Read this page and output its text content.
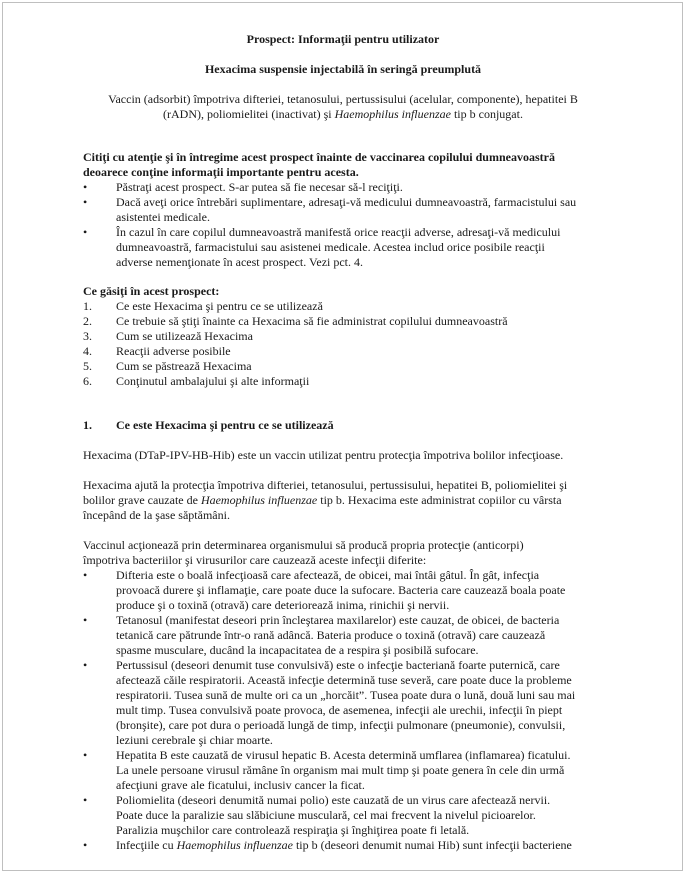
Prospect: Informaţii pentru utilizator
Hexacima suspensie injectabilă în seringă preumplută
Vaccin (adsorbit) împotriva difteriei, tetanosului, pertussisului (acelular, componente), hepatitei B
(rADN), poliomielitei (inactivat) şi Haemophilus influenzae tip b conjugat.
Citiţi cu atenţie şi în întregime acest prospect înainte de vaccinarea copilului dumneavoastră
deoarece conţine informaţii importante pentru acesta.
• Păstraţi acest prospect. S-ar putea să fie necesar să-l reciţiţi.
• Dacă aveţi orice întrebări suplimentare, adresaţi-vă medicului dumneavoastră, farmacistului sau
asistentei medicale.
• În cazul în care copilul dumneavoastră manifestă orice reacţii adverse, adresaţi-vă medicului
dumneavoastră, farmacistului sau asistenei medicale. Acestea includ orice posibile reacţii
adverse nemenţionate în acest prospect. Vezi pct. 4.
Ce găsiţi în acest prospect:
1. Ce este Hexacima şi pentru ce se utilizează
2. Ce trebuie să ştiţi înainte ca Hexacima să fie administrat copilului dumneavoastră
3. Cum se utilizează Hexacima
4. Reacţii adverse posibile
5. Cum se păstrează Hexacima
6. Conţinutul ambalajului şi alte informaţii
1. Ce este Hexacima şi pentru ce se utilizează
Hexacima (DTaP-IPV-HB-Hib) este un vaccin utilizat pentru protecţia împotriva bolilor infecţioase.
Hexacima ajută la protecţia împotriva difteriei, tetanosului, pertussisului, hepatitei B, poliomielitei şi
bolilor grave cauzate de Haemophilus influenzae tip b. Hexacima este administrat copiilor cu vârsta
începând de la şase săptămâni.
Vaccinul acţionează prin determinarea organismului să producă propria protecţie (anticorpi)
împotriva bacteriilor şi virusurilor care cauzează aceste infecţii diferite:
• Difteria este o boală infecţioasă care afectează, de obicei, mai întâi gâtul. În gât, infecţia
provoacă durere şi inflamaţie, care poate duce la sufocare. Bacteria care cauzează boala poate
produce şi o toxină (otravă) care deteriorează inima, rinichii şi nervii.
• Tetanosul (manifestat deseori prin încleştarea maxilarelor) este cauzat, de obicei, de bacteria
tetanică care pătrunde într-o rană adâncă. Bateria produce o toxină (otravă) care cauzează
spasme musculare, ducând la incapacitatea de a respira şi posibilă sufocare.
• Pertussisul (deseori denumit tuse convulsivă) este o infecţie bacteriană foarte puternică, care
afectează căile respiratorii. Această infecţie determină tuse severă, care poate duce la probleme
respiratorii. Tusea sună de multe ori ca un „horcăit”. Tusea poate dura o lună, două luni sau mai
mult timp. Tusea convulsivă poate provoca, de asemenea, infecţii ale urechii, infecţii în piept
(bronşite), care pot dura o perioadă lungă de timp, infecţii pulmonare (pneumonie), convulsii,
leziuni cerebrale şi chiar moarte.
• Hepatita B este cauzată de virusul hepatic B. Acesta determină umflarea (inflamarea) ficatului.
La unele persoane virusul rămâne în organism mai mult timp şi poate genera în cele din urmă
afecţiuni grave ale ficatului, inclusiv cancer la ficat.
• Poliomielita (deseori denumită numai polio) este cauzată de un virus care afectează nervii.
Poate duce la paralizie sau slăbiciune musculară, cel mai frecvent la nivelul picioarelor.
Paralizia muşchilor care controlează respiraţia şi înghiţirea poate fi letală.
• Infecţiile cu Haemophilus influenzae tip b (deseori denumit numai Hib) sunt infecţii bacteriene
